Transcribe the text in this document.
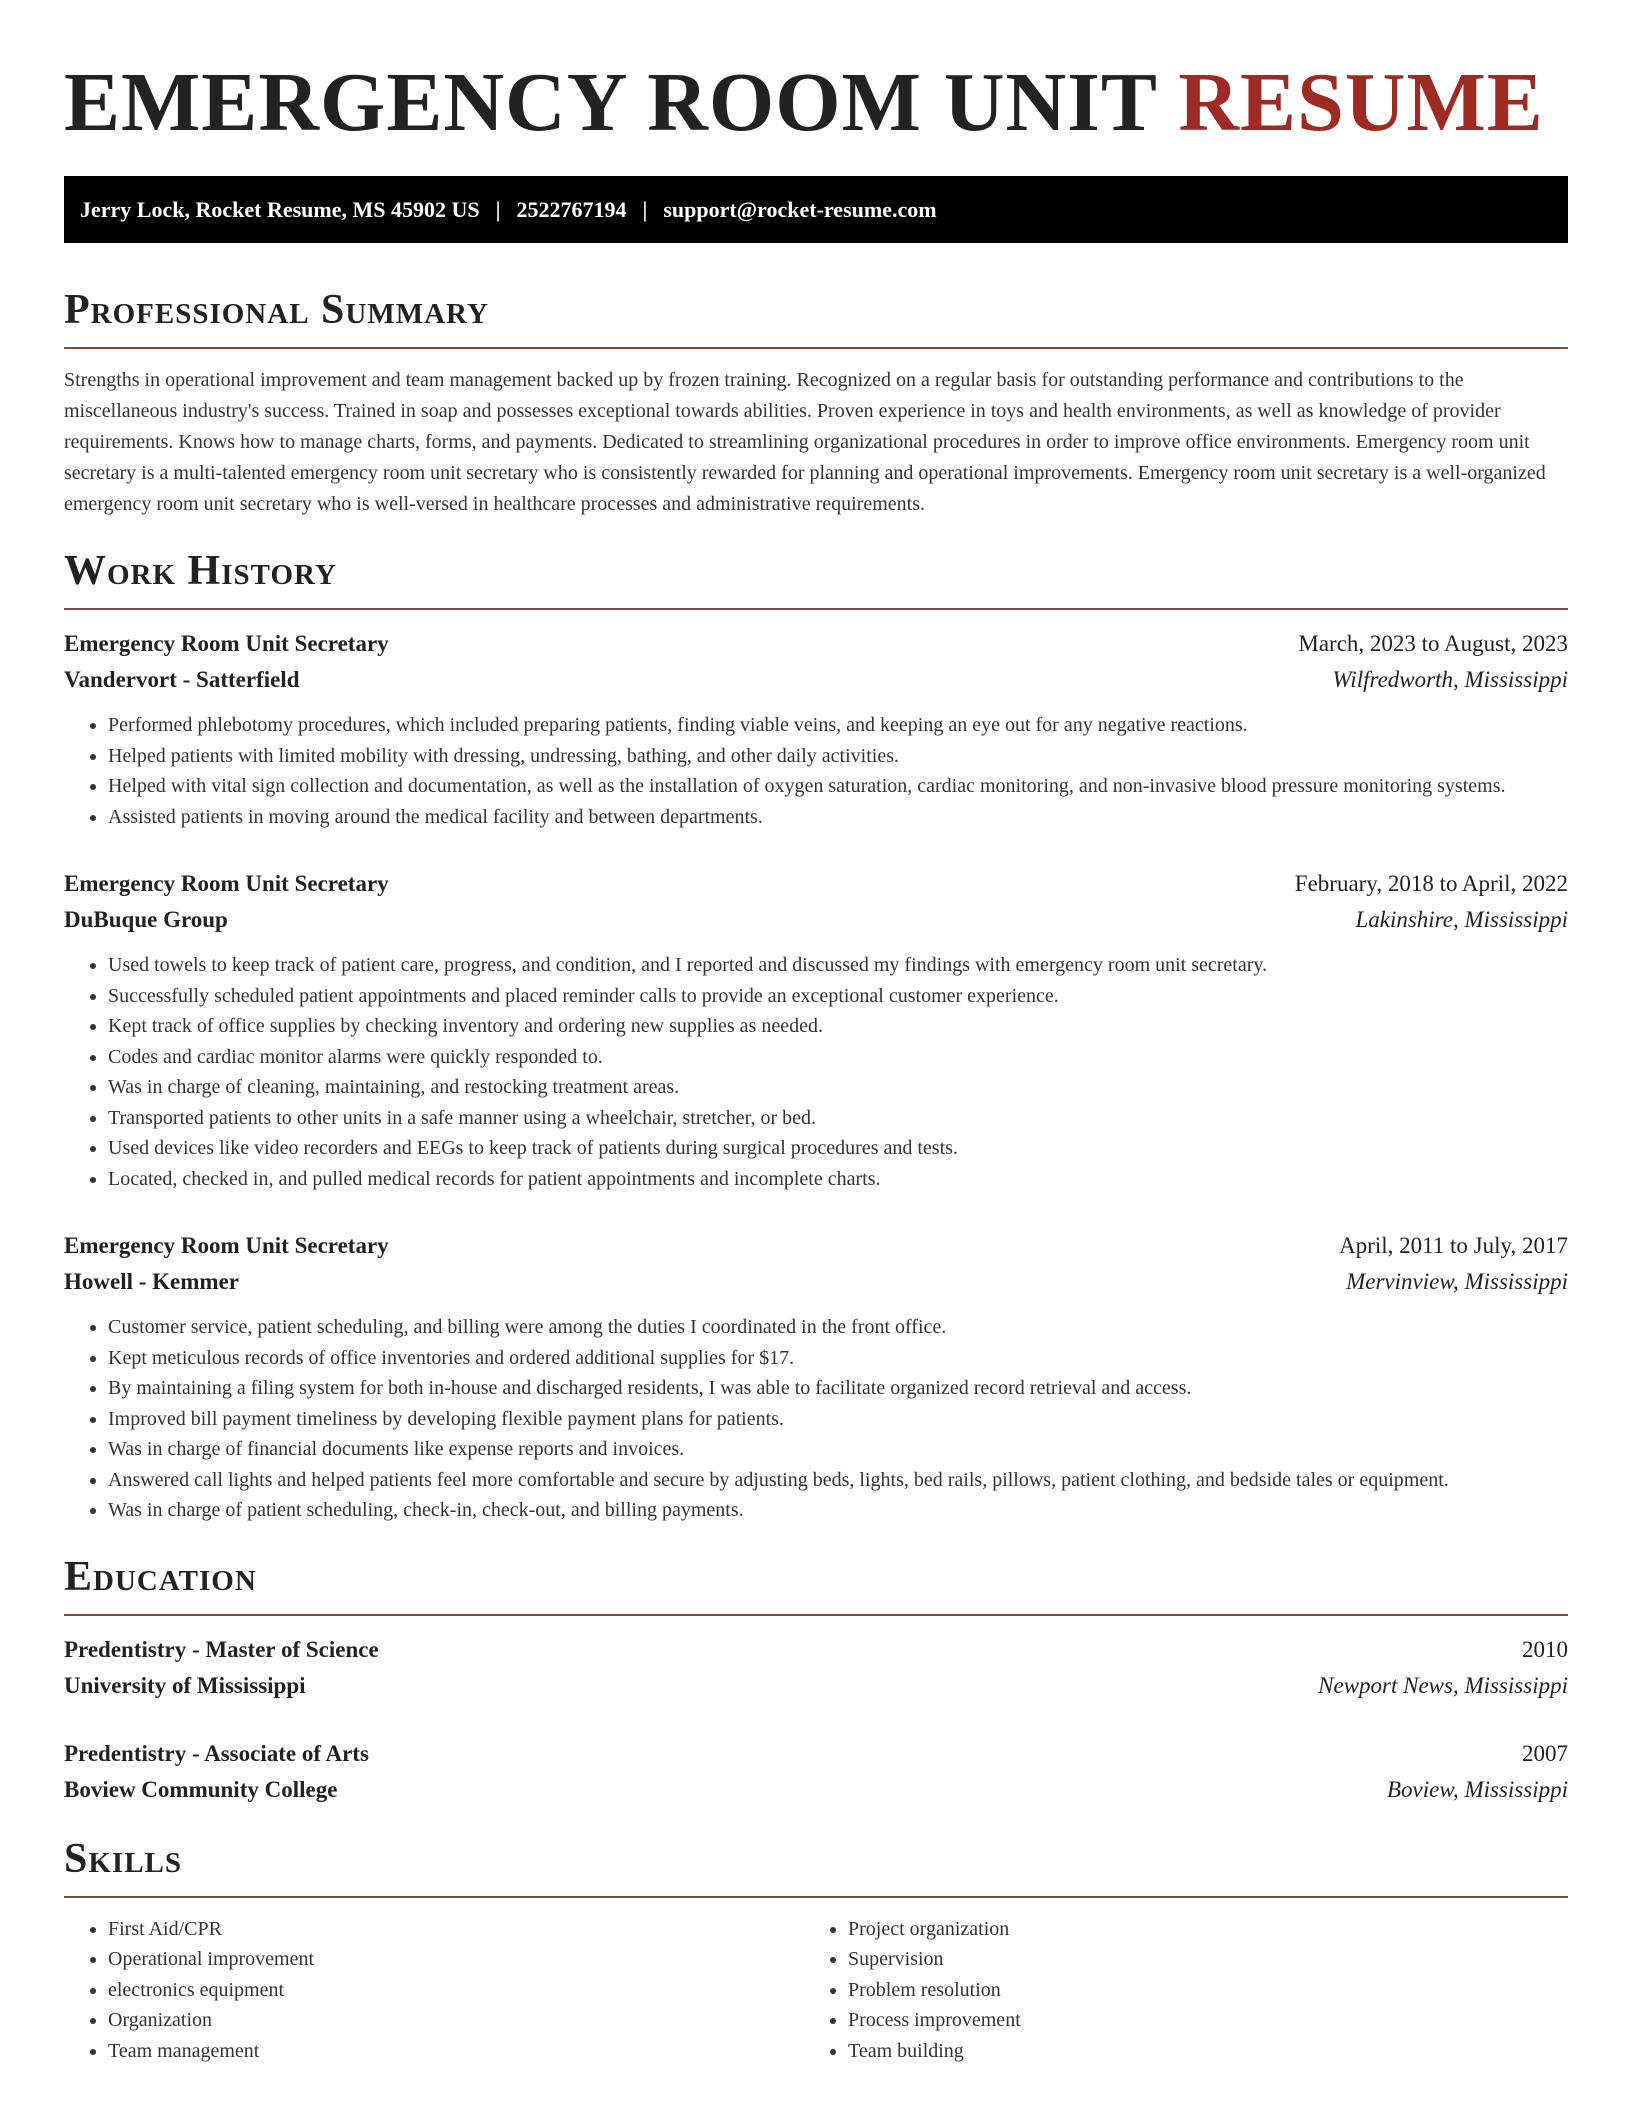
EMERGENCY ROOM UNIT RESUME
Jerry Lock, Rocket Resume, MS 45902 US | 2522767194 | support@rocket-resume.com
Professional Summary

Strengths in operational improvement and team management backed up by frozen training. Recognized on a regular basis for outstanding performance and contributions to the miscellaneous industry's success. Trained in soap and possesses exceptional towards abilities. Proven experience in toys and health environments, as well as knowledge of provider requirements. Knows how to manage charts, forms, and payments. Dedicated to streamlining organizational procedures in order to improve office environments. Emergency room unit secretary is a multi-talented emergency room unit secretary who is consistently rewarded for planning and operational improvements. Emergency room unit secretary is a well-organized emergency room unit secretary who is well-versed in healthcare processes and administrative requirements.

Work History
Emergency Room Unit Secretary	March, 2023 to August, 2023
Vandervort - Satterfield	Wilfredworth, Mississippi
• Performed phlebotomy procedures, which included preparing patients, finding viable veins, and keeping an eye out for any negative reactions.
• Helped patients with limited mobility with dressing, undressing, bathing, and other daily activities.
• Helped with vital sign collection and documentation, as well as the installation of oxygen saturation, cardiac monitoring, and non-invasive blood pressure monitoring systems.
• Assisted patients in moving around the medical facility and between departments.
Emergency Room Unit Secretary	February, 2018 to April, 2022
DuBuque Group	Lakinshire, Mississippi
• Used towels to keep track of patient care, progress, and condition, and I reported and discussed my findings with emergency room unit secretary.
• Successfully scheduled patient appointments and placed reminder calls to provide an exceptional customer experience.
• Kept track of office supplies by checking inventory and ordering new supplies as needed.
• Codes and cardiac monitor alarms were quickly responded to.
• Was in charge of cleaning, maintaining, and restocking treatment areas.
• Transported patients to other units in a safe manner using a wheelchair, stretcher, or bed.
• Used devices like video recorders and EEGs to keep track of patients during surgical procedures and tests.
• Located, checked in, and pulled medical records for patient appointments and incomplete charts.
Emergency Room Unit Secretary	April, 2011 to July, 2017
Howell - Kemmer	Mervinview, Mississippi
• Customer service, patient scheduling, and billing were among the duties I coordinated in the front office.
• Kept meticulous records of office inventories and ordered additional supplies for $17.
• By maintaining a filing system for both in-house and discharged residents, I was able to facilitate organized record retrieval and access.
• Improved bill payment timeliness by developing flexible payment plans for patients.
• Was in charge of financial documents like expense reports and invoices.
• Answered call lights and helped patients feel more comfortable and secure by adjusting beds, lights, bed rails, pillows, patient clothing, and bedside tales or equipment.
• Was in charge of patient scheduling, check-in, check-out, and billing payments.
Education
Predentistry - Master of Science	2010
University of Mississippi	Newport News, Mississippi
Predentistry - Associate of Arts	2007
Boview Community College	Boview, Mississippi
Skills
• First Aid/CPR
• Operational improvement
• electronics equipment
• Organization
• Team management
• Project organization
• Supervision
• Problem resolution
• Process improvement
• Team building
